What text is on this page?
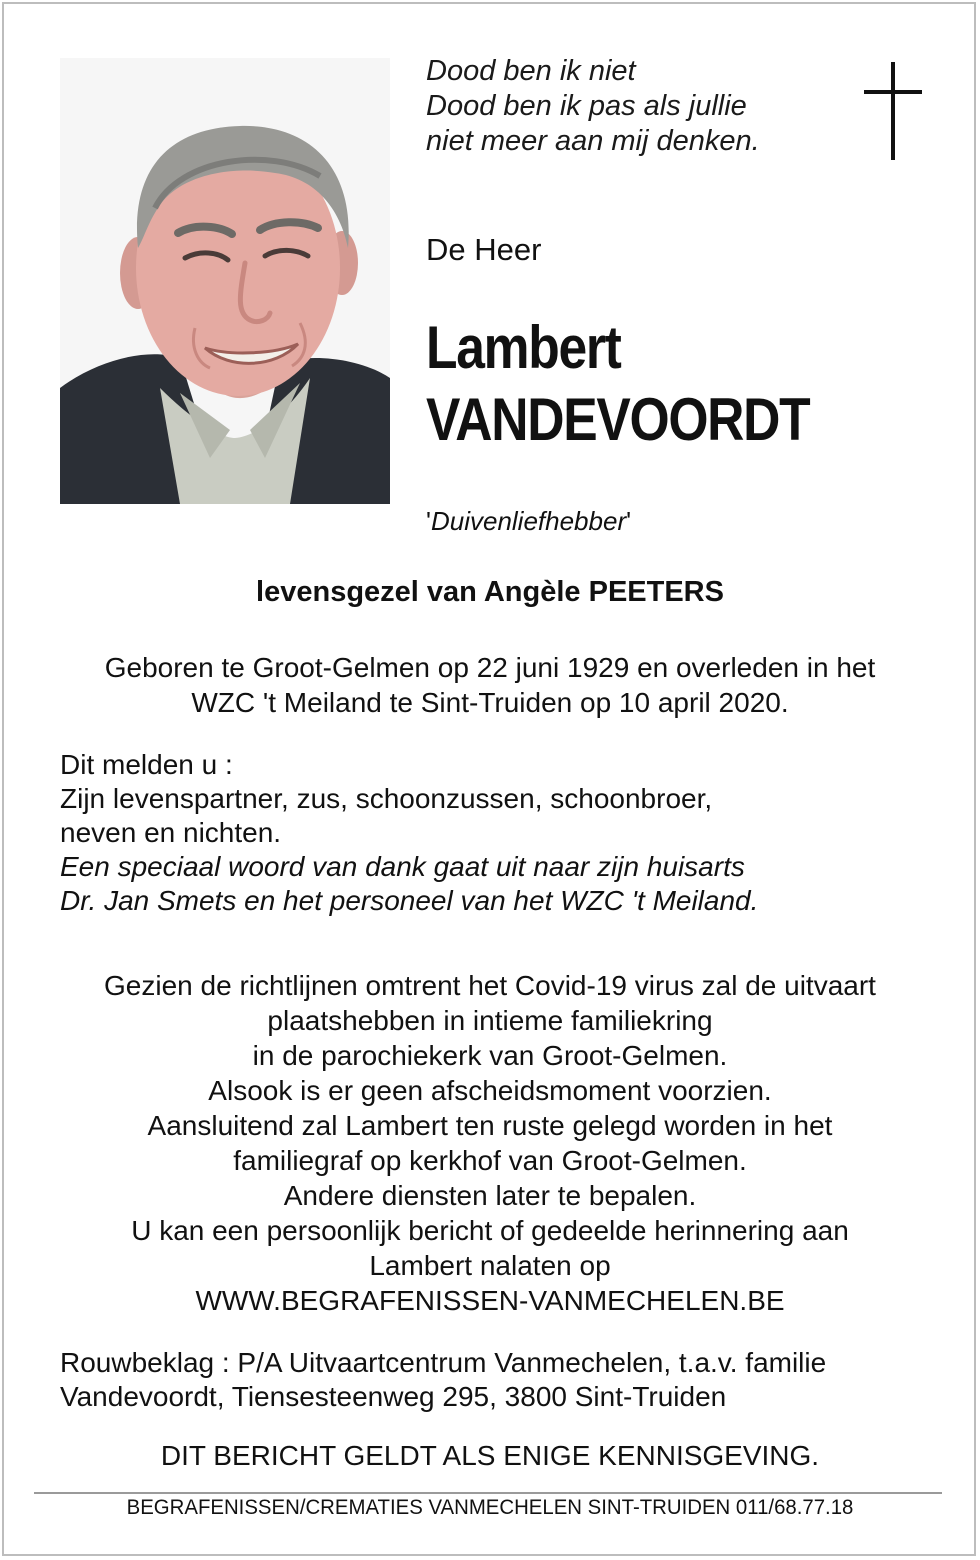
Dood ben ik niet
Dood ben ik pas als jullie
niet meer aan mij denken.
De Heer
Lambert
VANDEVOORDT
'Duivenliefhebber'
levensgezel van Angèle PEETERS
Geboren te Groot-Gelmen op 22 juni 1929 en overleden in het
WZC 't Meiland te Sint-Truiden op 10 april 2020.
Dit melden u :
Zijn levenspartner, zus, schoonzussen, schoonbroer,
neven en nichten.
Een speciaal woord van dank gaat uit naar zijn huisarts
Dr. Jan Smets en het personeel van het WZC 't Meiland.
Gezien de richtlijnen omtrent het Covid-19 virus zal de uitvaart
plaatshebben in intieme familiekring
in de parochiekerk van Groot-Gelmen.
Alsook is er geen afscheidsmoment voorzien.
Aansluitend zal Lambert ten ruste gelegd worden in het
familiegraf op kerkhof van Groot-Gelmen.
Andere diensten later te bepalen.
U kan een persoonlijk bericht of gedeelde herinnering aan
Lambert nalaten op
WWW.BEGRAFENISSEN-VANMECHELEN.BE
Rouwbeklag : P/A Uitvaartcentrum Vanmechelen, t.a.v. familie
Vandevoordt, Tiensesteenweg 295, 3800 Sint-Truiden
DIT BERICHT GELDT ALS ENIGE KENNISGEVING.
BEGRAFENISSEN/CREMATIES VANMECHELEN SINT-TRUIDEN 011/68.77.18
